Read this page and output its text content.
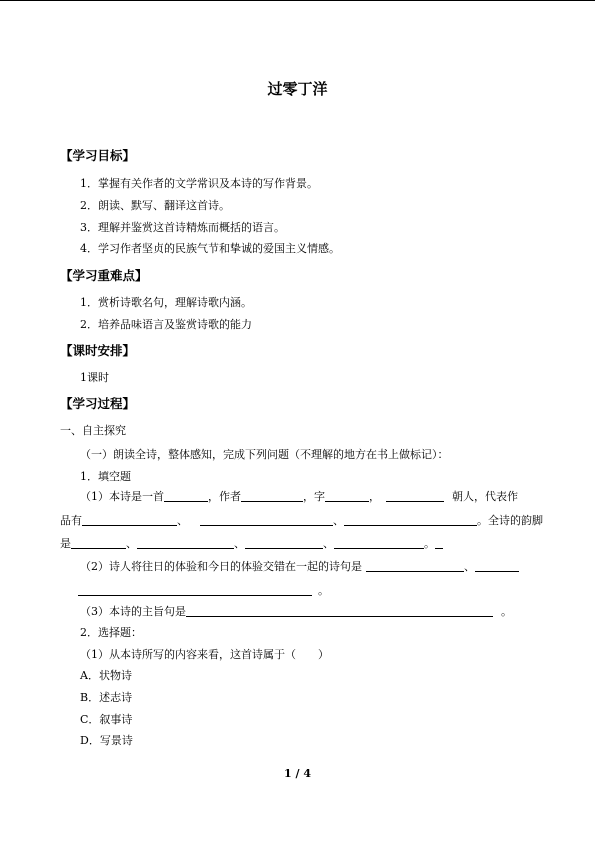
过零丁洋
【学习目标】
1．掌握有关作者的文学常识及本诗的写作背景。
2．朗读、默写、翻译这首诗。
3．理解并鉴赏这首诗精炼而概括的语言。
4．学习作者坚贞的民族气节和挚诚的爱国主义情感。
【学习重难点】
1．赏析诗歌名句，理解诗歌内涵。
2．培养品味语言及鉴赏诗歌的能力
【课时安排】
1课时
【学习过程】
一、自主探究
（一）朗读全诗，整体感知，完成下列问题（不理解的地方在书上做标记）：
1．填空题
（1）本诗是一首	，作者	，字	，	朝人，代表作
品有	、	、	。全诗的韵脚
是	、	、	、	。
（2）诗人将往日的体验和今日的体验交错在一起的诗句是	、
。
（3）本诗的主旨句是	。
2．选择题：
（1）从本诗所写的内容来看，这首诗属于（　　）
A．状物诗
B．述志诗
C．叙事诗
D．写景诗
1 / 4
